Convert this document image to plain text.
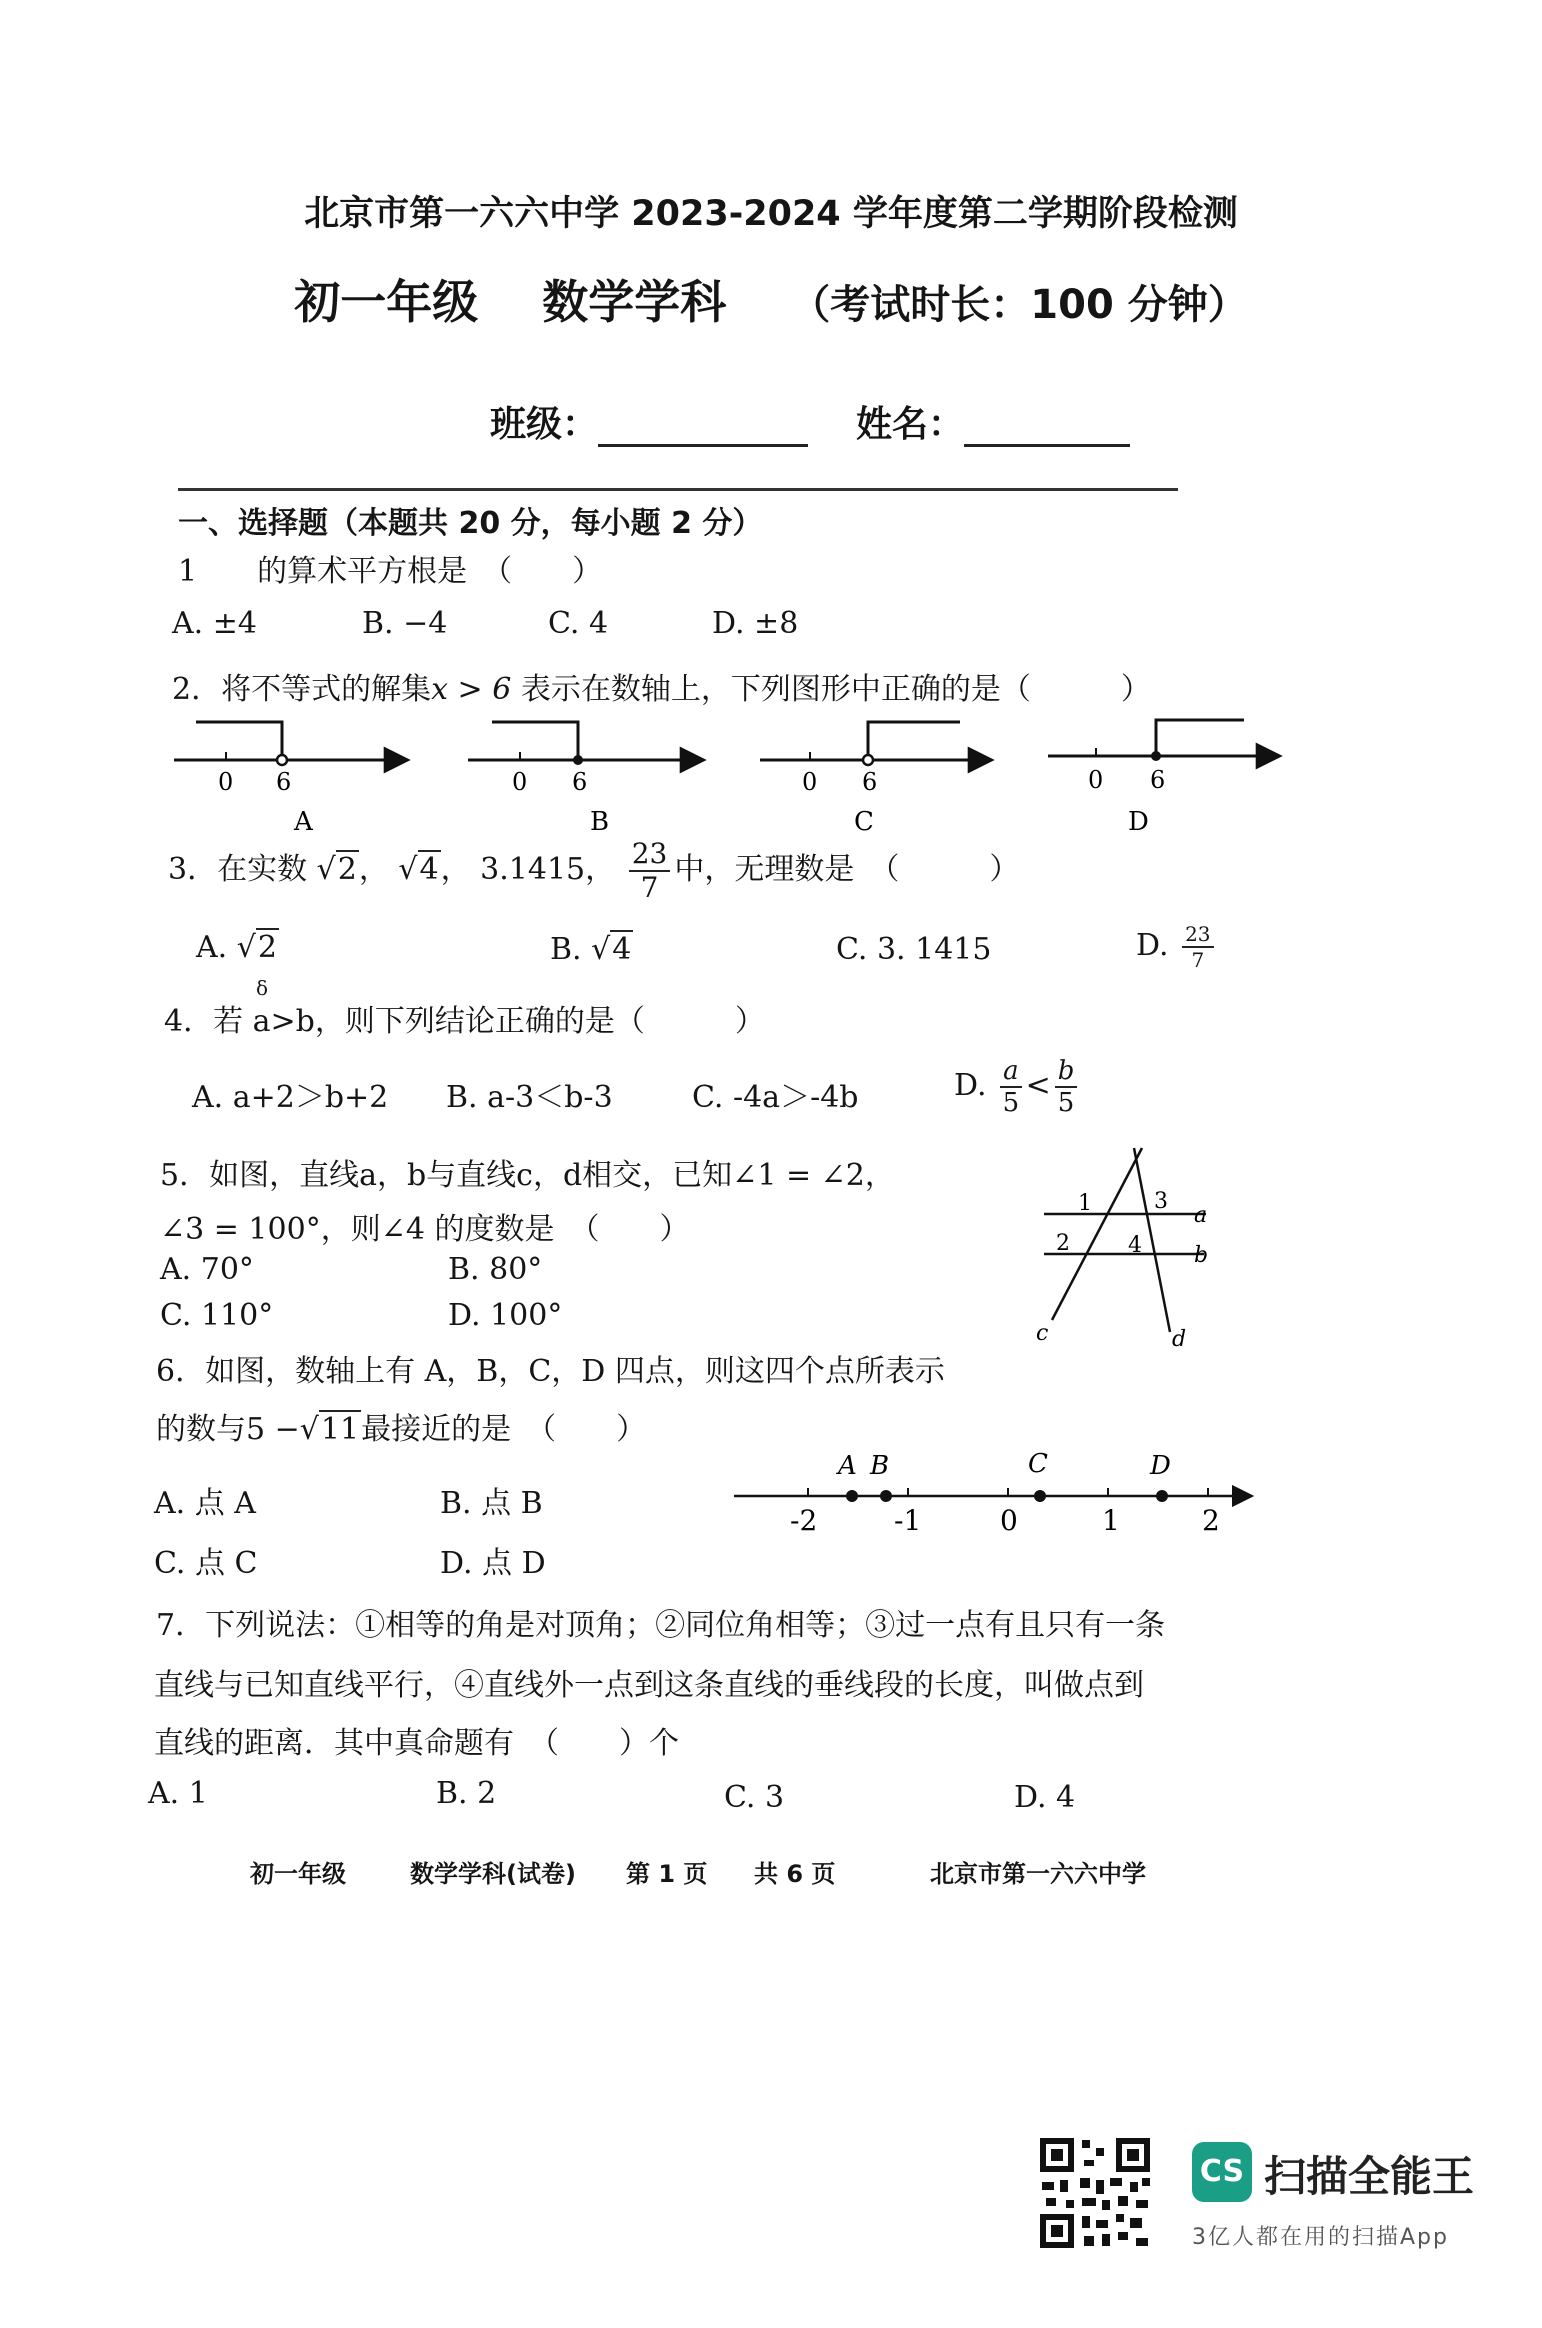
北京市第一六六中学 2023-2024 学年度第二学期阶段检测
初一年级 数学学科 （考试时长：100 分钟）
班级：	姓名：
一、选择题（本题共 20 分，每小题 2 分）
1　　的算术平方根是　（　　）
A. ±4	B. −4	C. 4	D. ±8
2．将不等式的解集x > 6 表示在数轴上，下列图形中正确的是（　　　）
0 6
A
0 6
B
0 6
C
0 6
D
3．在实数 √2， √4， 3.1415， $\frac{23}{7}$ 中，无理数是　（　　　）
A. √2	B. √4	C. 3. 1415	D. $\frac{23}{7}$
δ
4．若 a>b，则下列结论正确的是（　　　）
A. a+2＞b+2 B. a-3＜b-3	C. -4a＞-4b	D. $\frac{a}{5} < \frac{b}{5}$
5．如图，直线a，b与直线c，d相交，已知∠1 = ∠2，
∠3 = 100°，则∠4 的度数是　（　　）
A. 70°	B. 80°
C. 110°	D. 100°
1	3
2	4
a
b
c	d
6．如图，数轴上有 A，B，C，D 四点，则这四个点所表示
的数与5 −√11最接近的是　（　　）
A. 点 A	B. 点 B
C. 点 C	D. 点 D
A B	C	D
-2	-1	0	1	2
7．下列说法：①相等的角是对顶角；②同位角相等；③过一点有且只有一条
直线与已知直线平行，④直线外一点到这条直线的垂线段的长度，叫做点到
直线的距离．其中真命题有　（　　）个
A. 1	B. 2	C. 3	D. 4
初一年级	数学学科(试卷) 第 1 页 共 6 页	北京市第一六六中学
CS 扫描全能王
3亿人都在用的扫描App
